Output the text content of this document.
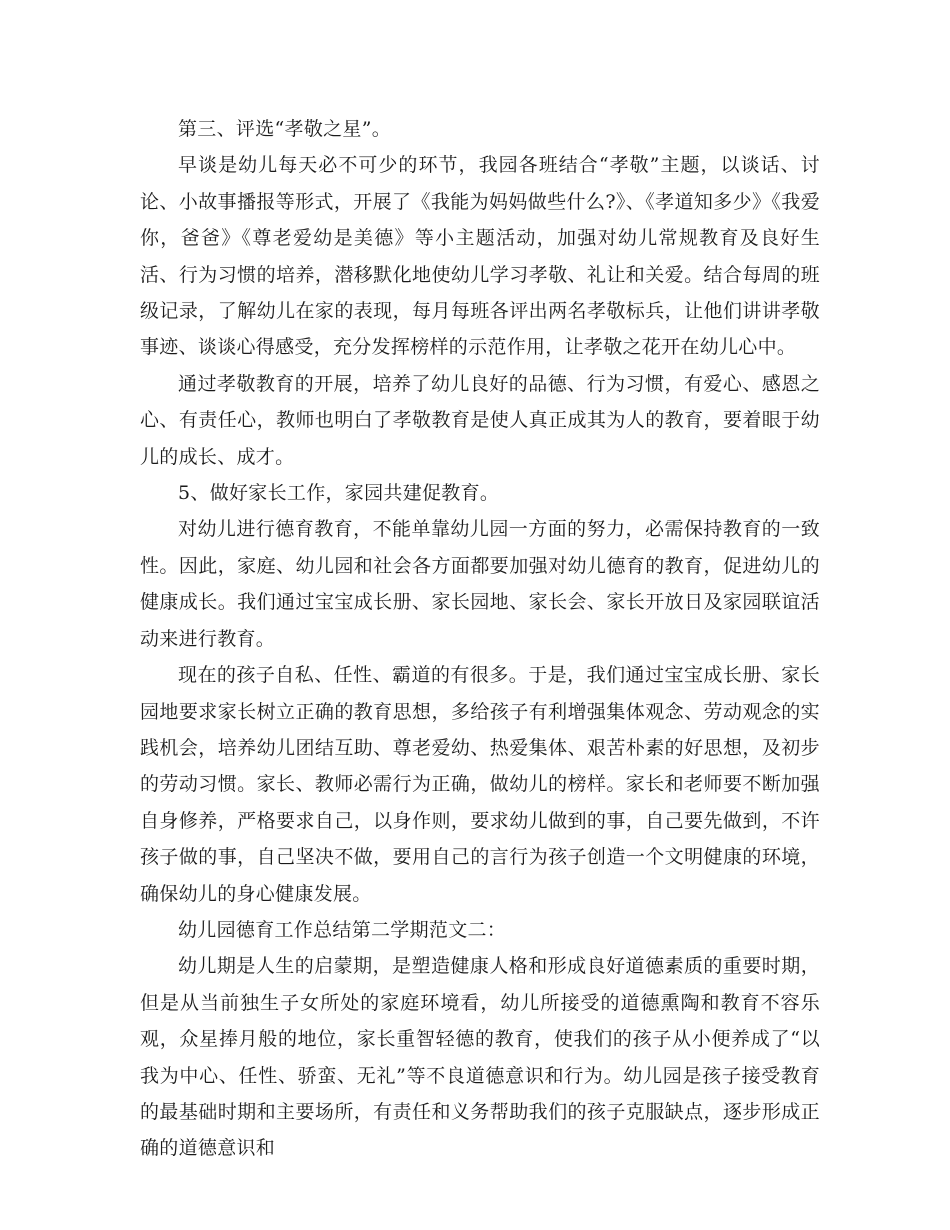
第三、评选“孝敬之星”。

早谈是幼儿每天必不可少的环节，我园各班结合“孝敬”主题，以谈话、讨论、小故事播报等形式，开展了《我能为妈妈做些什么?》、《孝道知多少》《我爱你，爸爸》《尊老爱幼是美德》等小主题活动，加强对幼儿常规教育及良好生活、行为习惯的培养，潜移默化地使幼儿学习孝敬、礼让和关爱。结合每周的班级记录，了解幼儿在家的表现，每月每班各评出两名孝敬标兵，让他们讲讲孝敬事迹、谈谈心得感受，充分发挥榜样的示范作用，让孝敬之花开在幼儿心中。

通过孝敬教育的开展，培养了幼儿良好的品德、行为习惯，有爱心、感恩之心、有责任心，教师也明白了孝敬教育是使人真正成其为人的教育，要着眼于幼儿的成长、成才。

5、做好家长工作，家园共建促教育。

对幼儿进行德育教育，不能单靠幼儿园一方面的努力，必需保持教育的一致性。因此，家庭、幼儿园和社会各方面都要加强对幼儿德育的教育，促进幼儿的健康成长。我们通过宝宝成长册、家长园地、家长会、家长开放日及家园联谊活动来进行教育。

现在的孩子自私、任性、霸道的有很多。于是，我们通过宝宝成长册、家长园地要求家长树立正确的教育思想，多给孩子有利增强集体观念、劳动观念的实践机会，培养幼儿团结互助、尊老爱幼、热爱集体、艰苦朴素的好思想，及初步的劳动习惯。家长、教师必需行为正确，做幼儿的榜样。家长和老师要不断加强自身修养，严格要求自己，以身作则，要求幼儿做到的事，自己要先做到，不许孩子做的事，自己坚决不做，要用自己的言行为孩子创造一个文明健康的环境，确保幼儿的身心健康发展。

幼儿园德育工作总结第二学期范文二：

幼儿期是人生的启蒙期，是塑造健康人格和形成良好道德素质的重要时期，但是从当前独生子女所处的家庭环境看，幼儿所接受的道德熏陶和教育不容乐观，众星捧月般的地位，家长重智轻德的教育，使我们的孩子从小便养成了“以我为中心、任性、骄蛮、无礼”等不良道德意识和行为。幼儿园是孩子接受教育的最基础时期和主要场所，有责任和义务帮助我们的孩子克服缺点，逐步形成正确的道德意识和
